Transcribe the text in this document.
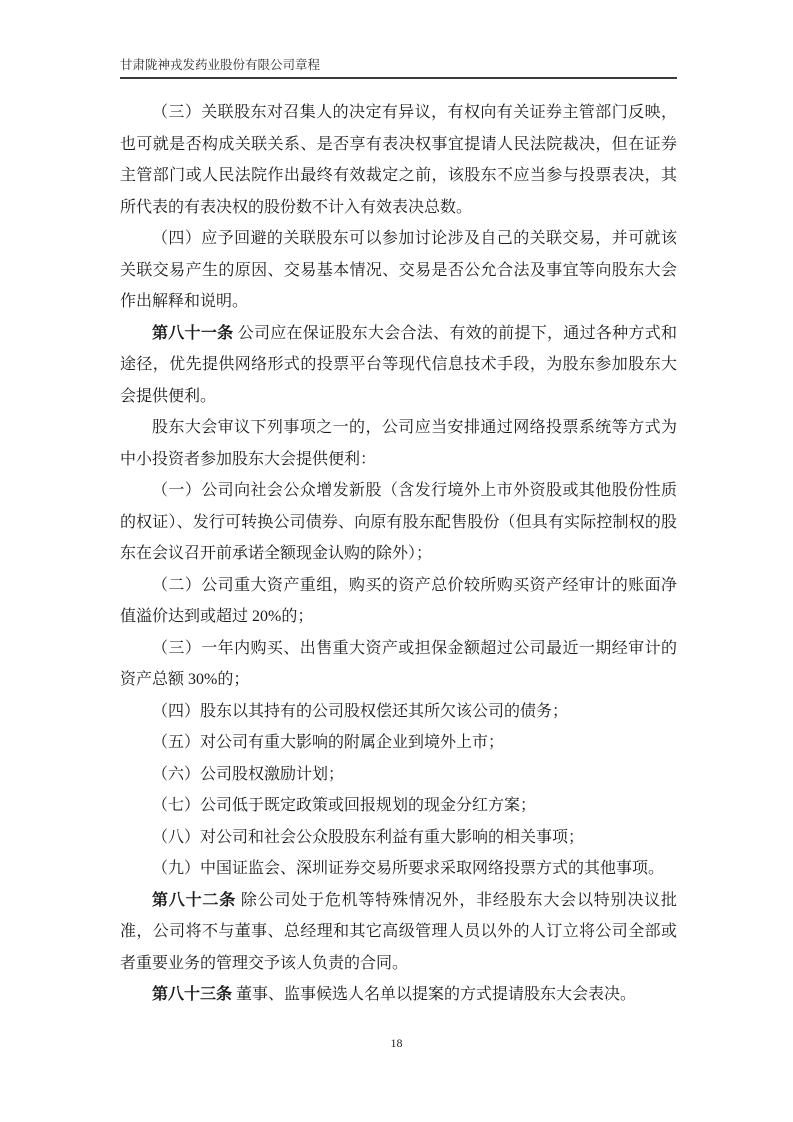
甘肃陇神戎发药业股份有限公司章程
（三）关联股东对召集人的决定有异议，有权向有关证券主管部门反映，也可就是否构成关联关系、是否享有表决权事宜提请人民法院裁决，但在证券主管部门或人民法院作出最终有效裁定之前，该股东不应当参与投票表决，其所代表的有表决权的股份数不计入有效表决总数。
（四）应予回避的关联股东可以参加讨论涉及自己的关联交易，并可就该关联交易产生的原因、交易基本情况、交易是否公允合法及事宜等向股东大会作出解释和说明。
第八十一条 公司应在保证股东大会合法、有效的前提下，通过各种方式和途径，优先提供网络形式的投票平台等现代信息技术手段，为股东参加股东大会提供便利。
股东大会审议下列事项之一的，公司应当安排通过网络投票系统等方式为中小投资者参加股东大会提供便利：
（一）公司向社会公众增发新股（含发行境外上市外资股或其他股份性质的权证）、发行可转换公司债券、向原有股东配售股份（但具有实际控制权的股东在会议召开前承诺全额现金认购的除外）；
（二）公司重大资产重组，购买的资产总价较所购买资产经审计的账面净值溢价达到或超过 20%的；
（三）一年内购买、出售重大资产或担保金额超过公司最近一期经审计的资产总额 30%的；
（四）股东以其持有的公司股权偿还其所欠该公司的债务；
（五）对公司有重大影响的附属企业到境外上市；
（六）公司股权激励计划；
（七）公司低于既定政策或回报规划的现金分红方案；
（八）对公司和社会公众股股东利益有重大影响的相关事项；
（九）中国证监会、深圳证券交易所要求采取网络投票方式的其他事项。
第八十二条 除公司处于危机等特殊情况外，非经股东大会以特别决议批准，公司将不与董事、总经理和其它高级管理人员以外的人订立将公司全部或者重要业务的管理交予该人负责的合同。
第八十三条 董事、监事候选人名单以提案的方式提请股东大会表决。
18
